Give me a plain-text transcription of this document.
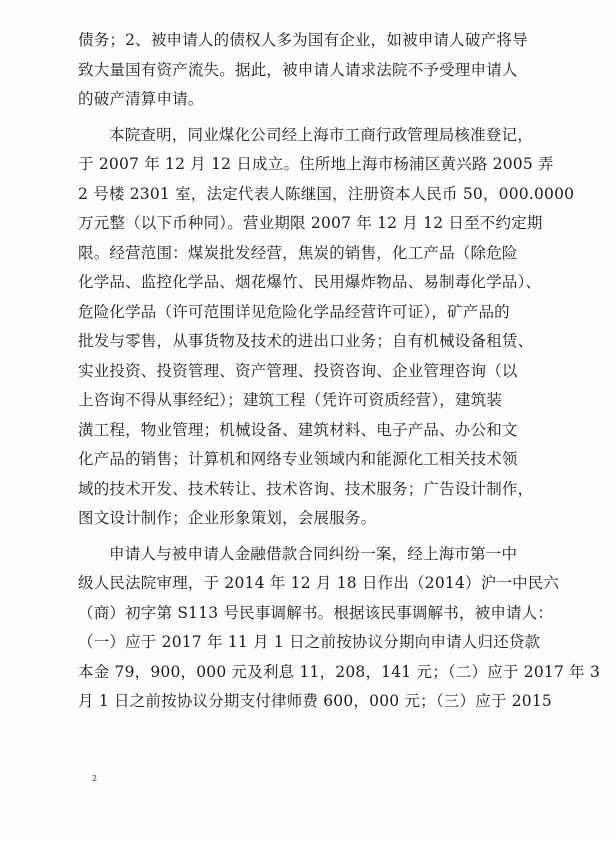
债务；2、被申请人的债权人多为国有企业，如被申请人破产将导
致大量国有资产流失。据此，被申请人请求法院不予受理申请人
的破产清算申请。
本院查明，同业煤化公司经上海市工商行政管理局核准登记，
于 2007 年 12 月 12 日成立。住所地上海市杨浦区黄兴路 2005 弄
2 号楼 2301 室，法定代表人陈继国，注册资本人民币 50，000.0000
万元整（以下币种同）。营业期限 2007 年 12 月 12 日至不约定期
限。经营范围：煤炭批发经营，焦炭的销售，化工产品（除危险
化学品、监控化学品、烟花爆竹、民用爆炸物品、易制毒化学品）、
危险化学品（许可范围详见危险化学品经营许可证），矿产品的
批发与零售，从事货物及技术的进出口业务；自有机械设备租赁、
实业投资、投资管理、资产管理、投资咨询、企业管理咨询（以
上咨询不得从事经纪）；建筑工程（凭许可资质经营），建筑装
潢工程，物业管理；机械设备、建筑材料、电子产品、办公和文
化产品的销售；计算机和网络专业领域内和能源化工相关技术领
域的技术开发、技术转让、技术咨询、技术服务；广告设计制作，
图文设计制作；企业形象策划，会展服务。
申请人与被申请人金融借款合同纠纷一案，经上海市第一中
级人民法院审理，于 2014 年 12 月 18 日作出（2014）沪一中民六
（商）初字第 S113 号民事调解书。根据该民事调解书，被申请人：
（一）应于 2017 年 11 月 1 日之前按协议分期向申请人归还贷款
本金 79，900，000 元及利息 11，208，141 元；（二）应于 2017 年 3
月 1 日之前按协议分期支付律师费 600，000 元；（三）应于 2015
2
